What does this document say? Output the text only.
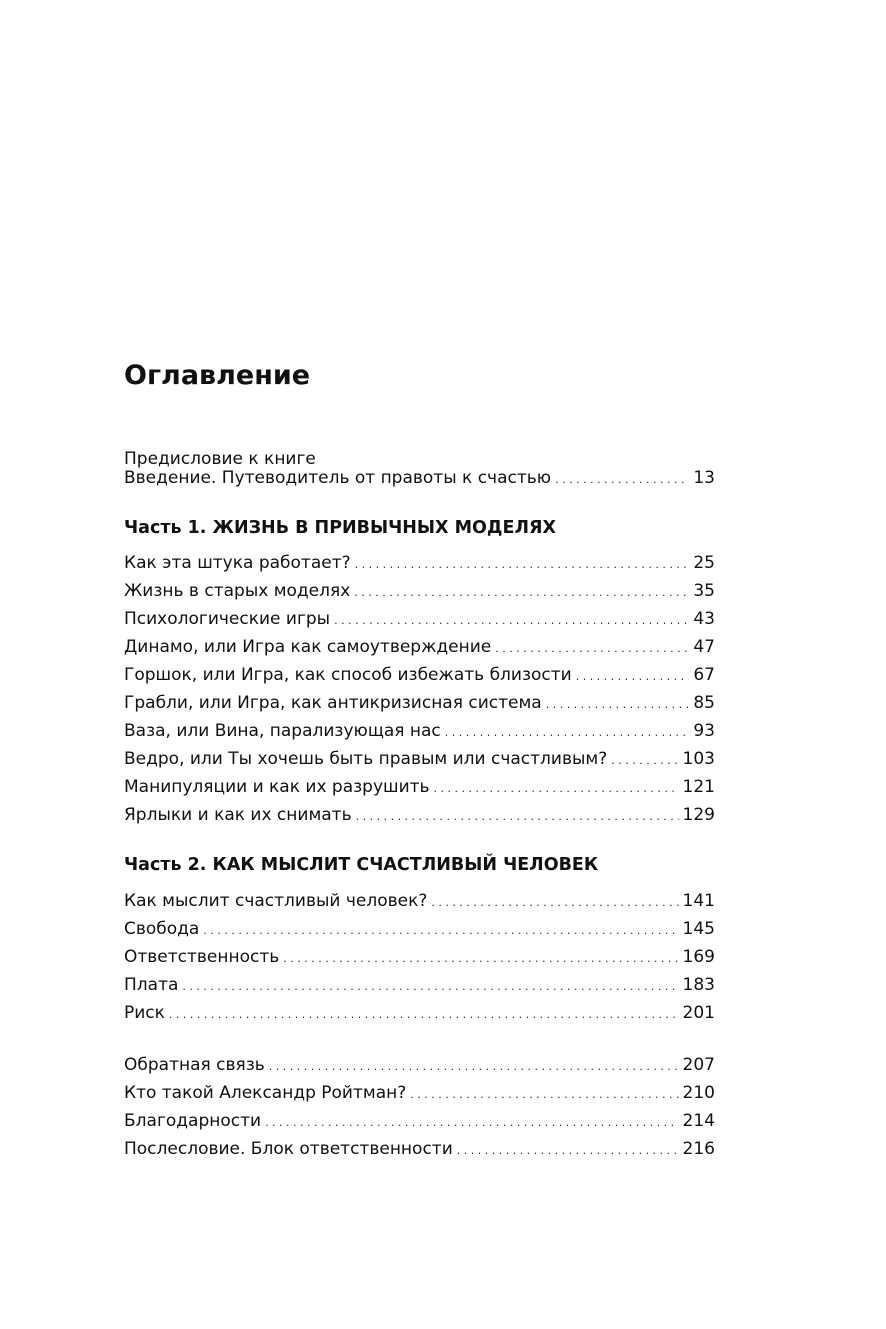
Оглавление
Предисловие к книге
Введение. Путеводитель от правоты к счастью . . .	13
Часть 1. ЖИЗНЬ В ПРИВЫЧНЫХ МОДЕЛЯХ
Как эта штука работает? . . .	25
Жизнь в старых моделях . . .	35
Психологические игры . . .	43
Динамо, или Игра как самоутверждение . . .	47
Горшок, или Игра, как способ избежать близости . . .	67
Грабли, или Игра, как антикризисная система . . .	85
Ваза, или Вина, парализующая нас . . .	93
Ведро, или Ты хочешь быть правым или счастливым? . . .	103
Манипуляции и как их разрушить . . .	121
Ярлыки и как их снимать . . .	129
Часть 2. КАК МЫСЛИТ СЧАСТЛИВЫЙ ЧЕЛОВЕК
Как мыслит счастливый человек? . . .	141
Свобода . . .	145
Ответственность . . .	169
Плата . . .	183
Риск . . .	201
Обратная связь . . .	207
Кто такой Александр Ройтман? . . .	210
Благодарности . . .	214
Послесловие. Блок ответственности . . .	216
